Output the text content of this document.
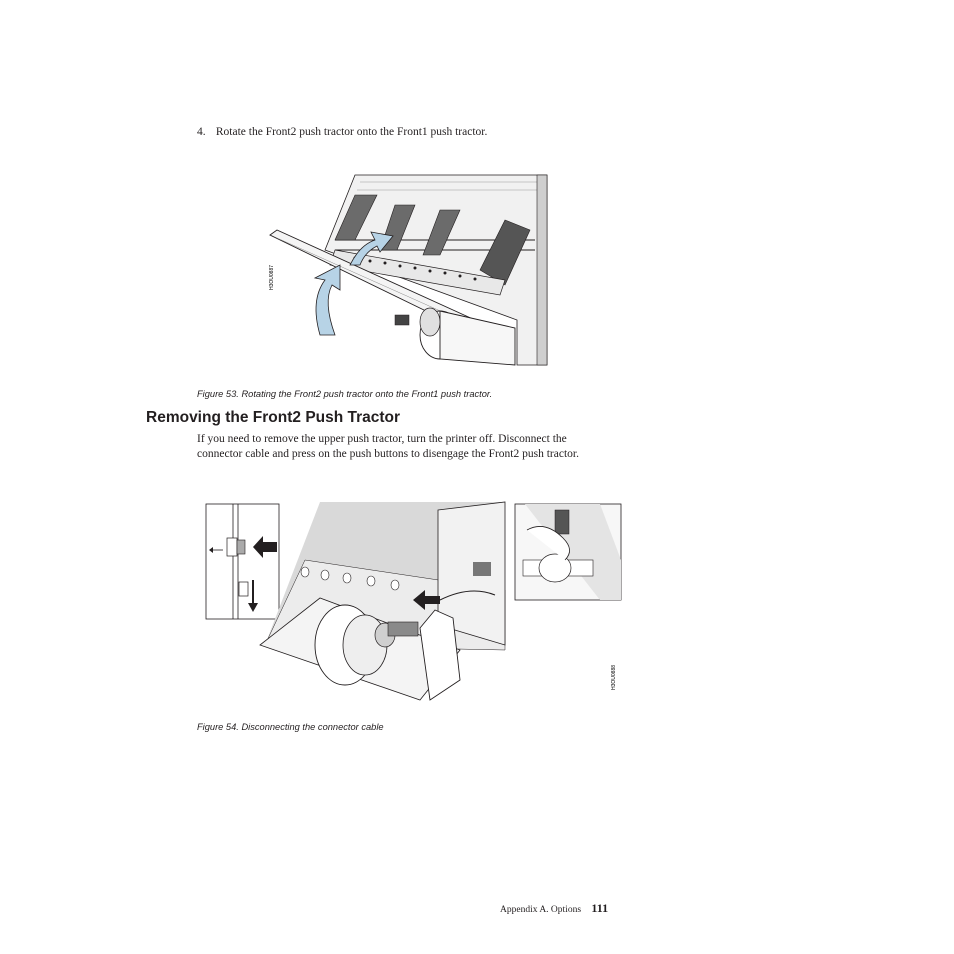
4. Rotate the Front2 push tractor onto the Front1 push tractor.
H3OU0887
Figure 53. Rotating the Front2 push tractor onto the Front1 push tractor.
Removing the Front2 Push Tractor

If you need to remove the upper push tractor, turn the printer off. Disconnect the connector cable and press on the push buttons to disengage the Front2 push tractor.

H3OU0888
Figure 54. Disconnecting the connector cable
Appendix A. Options 111
